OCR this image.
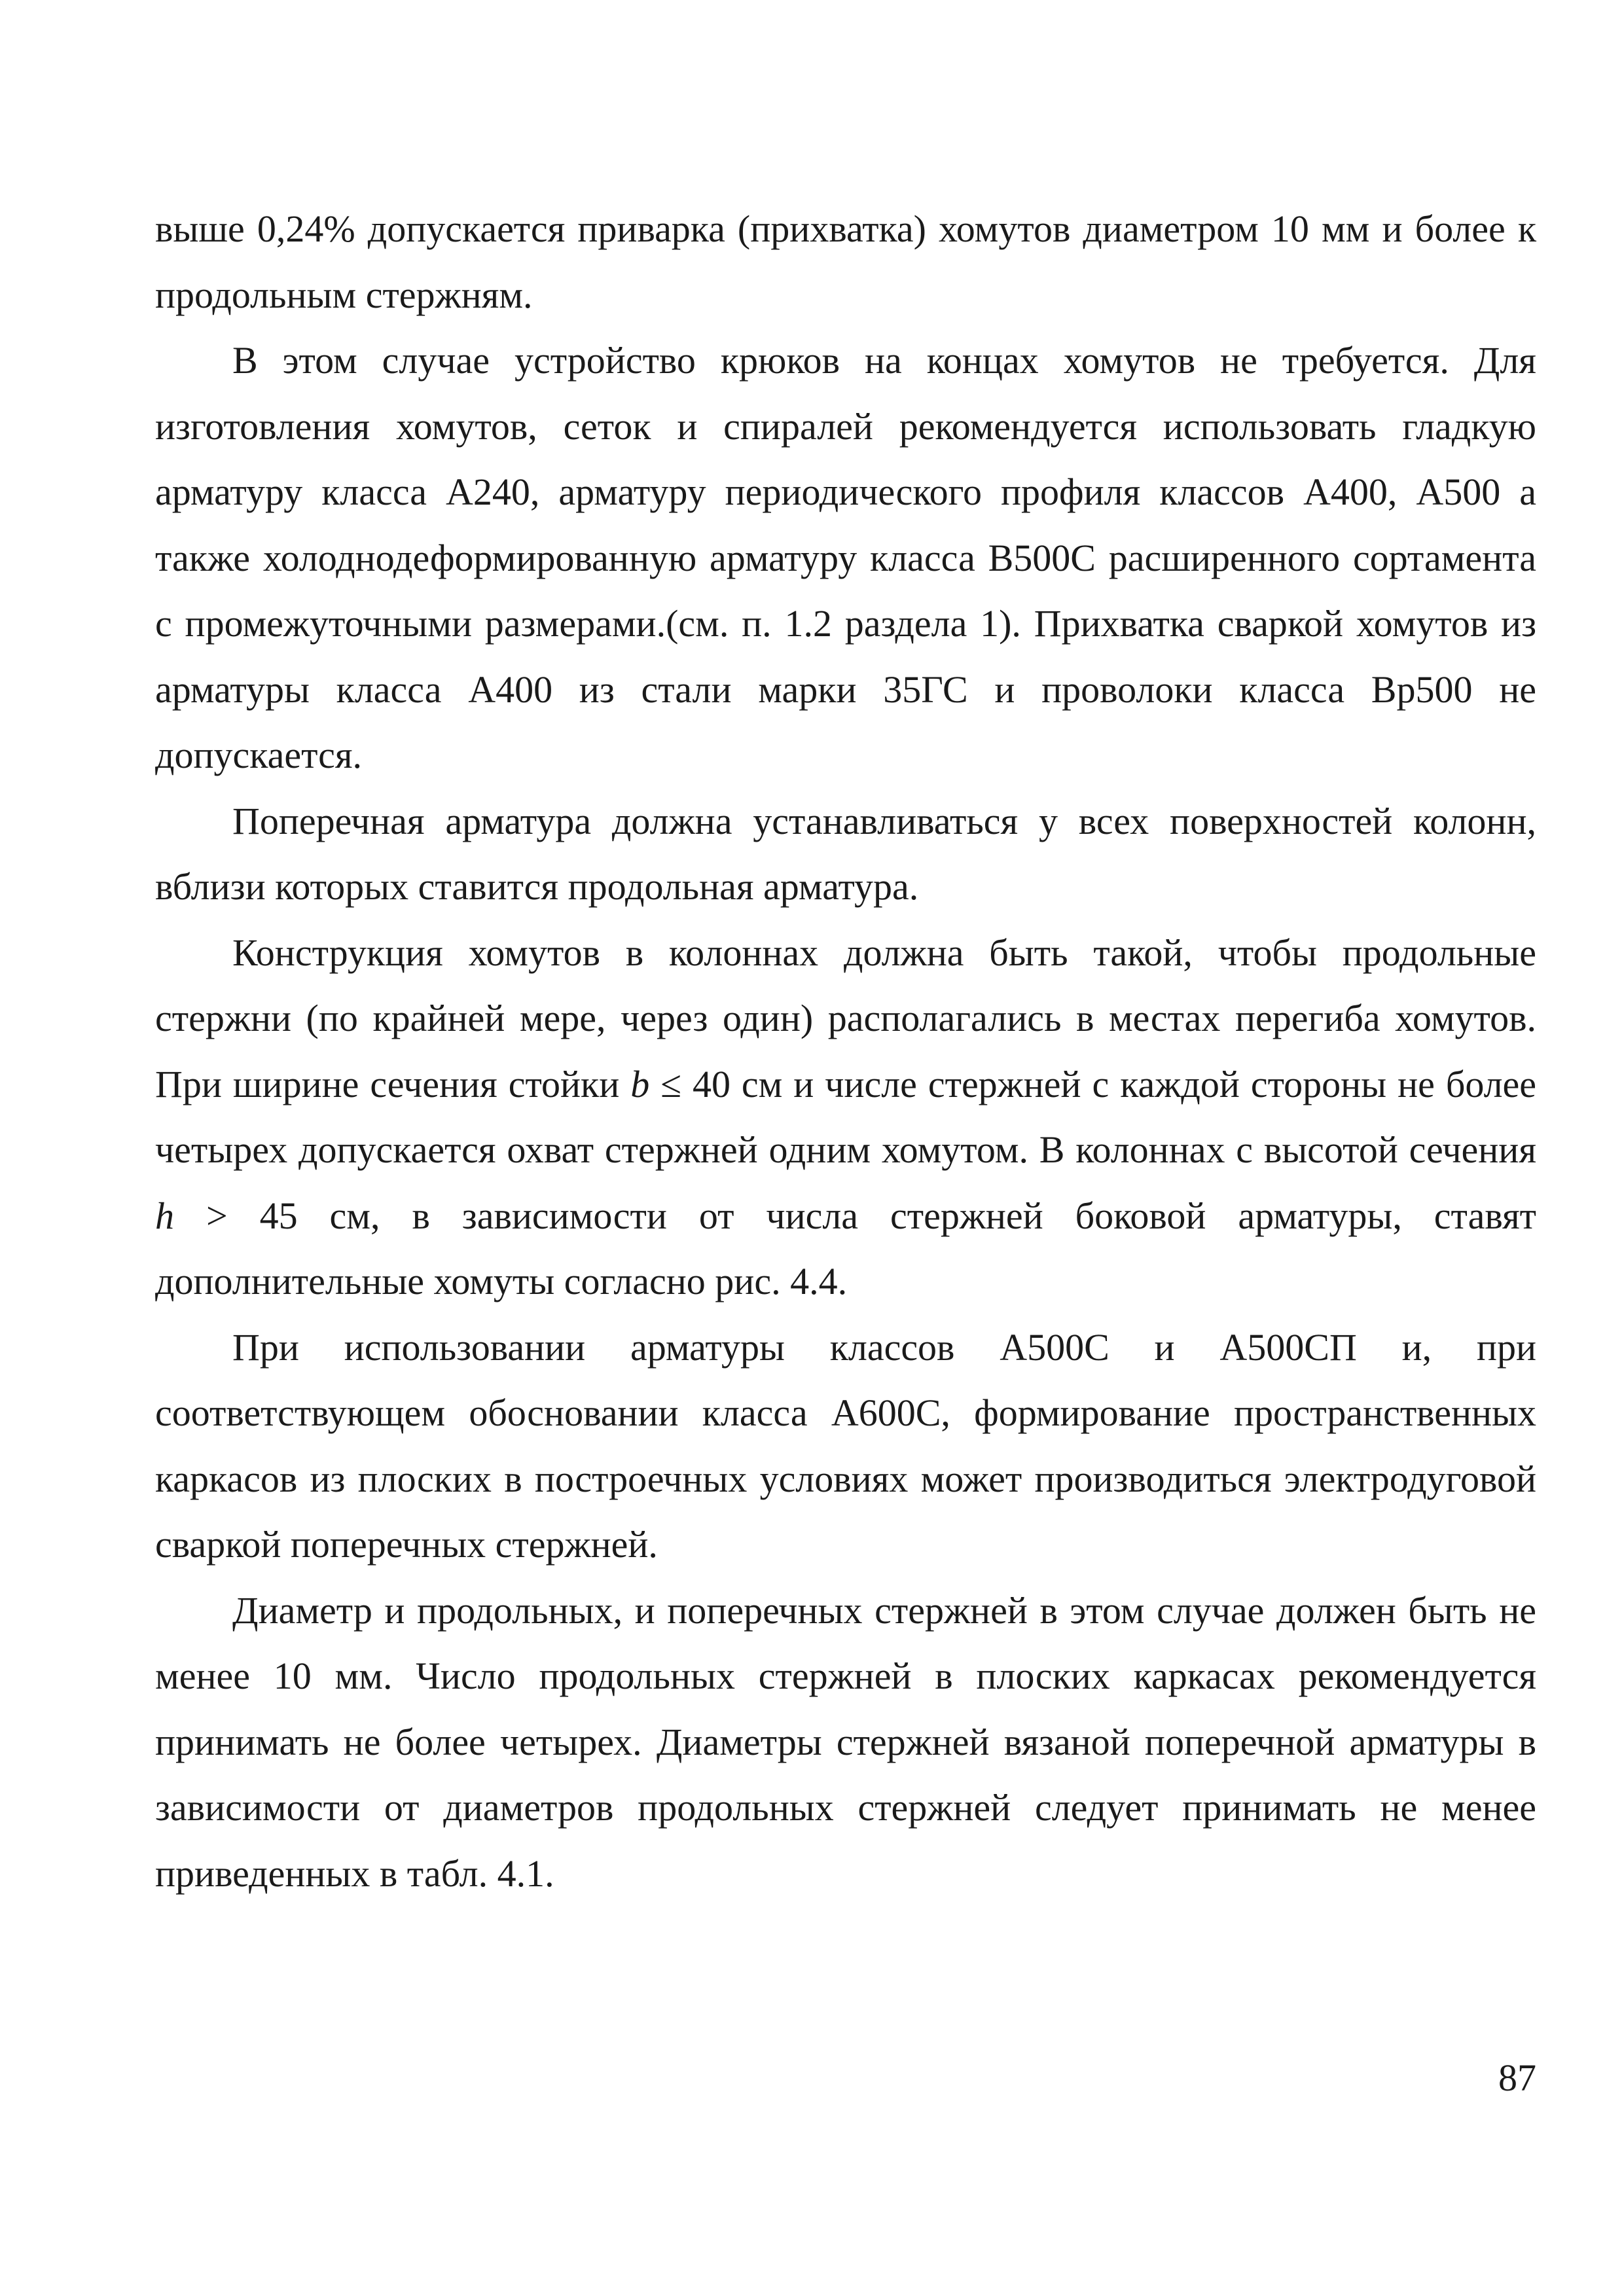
выше 0,24% допускается приварка (прихватка) хомутов диаметром 10 мм и более к продольным стержням.

В этом случае устройство крюков на концах хомутов не требуется. Для изготовления хомутов, сеток и спиралей рекомендуется использовать гладкую арматуру класса А240, арматуру периодического профиля классов А400, А500 а также холоднодеформированную арматуру класса В500С расширенного сортамента с промежуточными размерами.(см. п. 1.2 раздела 1). Прихватка сваркой хомутов из арматуры класса А400 из стали марки 35ГС и проволоки класса Вр500 не допускается.

Поперечная арматура должна устанавливаться у всех поверхностей колонн, вблизи которых ставится продольная арматура.

Конструкция хомутов в колоннах должна быть такой, чтобы продольные стержни (по крайней мере, через один) располагались в местах перегиба хомутов. При ширине сечения стойки b ≤ 40 см и числе стержней с каждой стороны не более четырех допускается охват стержней одним хомутом. В колоннах с высотой сечения h > 45 см, в зависимости от числа стержней боковой арматуры, ставят дополнительные хомуты согласно рис. 4.4.

При использовании арматуры классов А500С и А500СП и, при соответствующем обосновании класса А600С, формирование пространственных каркасов из плоских в построечных условиях может производиться электродуговой сваркой поперечных стержней.

Диаметр и продольных, и поперечных стержней в этом случае должен быть не менее 10 мм. Число продольных стержней в плоских каркасах рекомендуется принимать не более четырех. Диаметры стержней вязаной поперечной арматуры в зависимости от диаметров продольных стержней следует принимать не менее приведенных в табл. 4.1.

87
